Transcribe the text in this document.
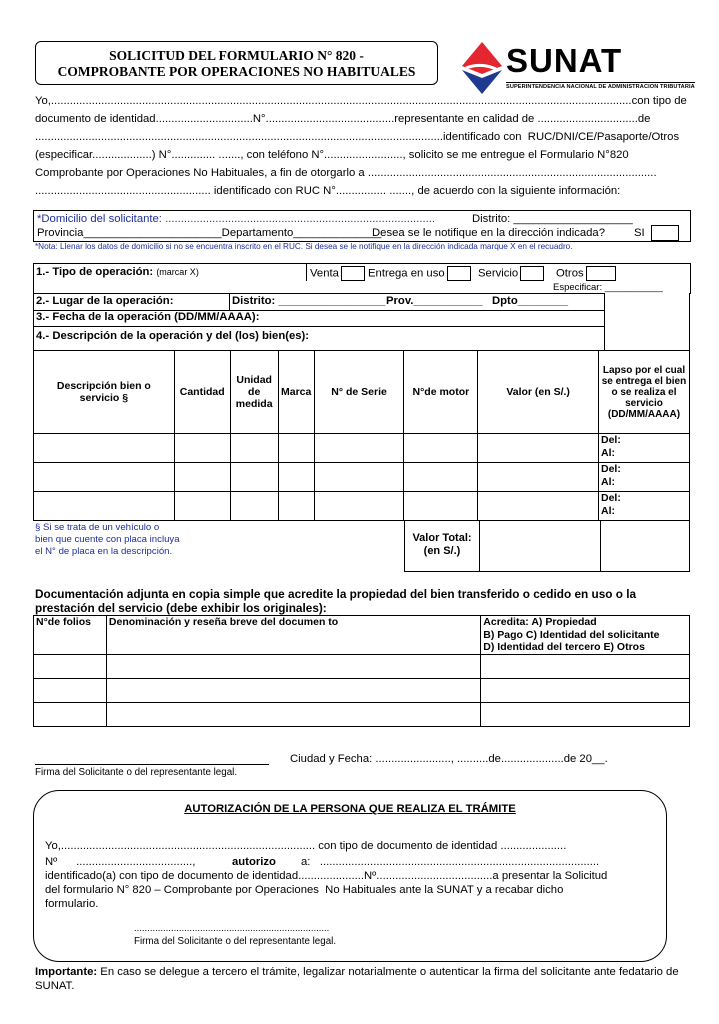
SOLICITUD DEL FORMULARIO N° 820 -
COMPROBANTE POR OPERACIONES NO HABITUALES	SUNAT
SUPERINTENDENCIA NACIONAL DE ADMINISTRACION TRIBUTARIA
Yo,.........................................................................................................................................................................................con tipo de
documento de identidad...............................N°.........................................representante en calidad de ................................de
..................................................................................................................................identificado con  RUC/DNI/CE/Pasaporte/Otros
(especificar...................) N°.............. ......., con teléfono N°........................., solicito se me entregue el Formulario N°820
Comprobante por Operaciones No Habituales, a fin de otorgarlo a ............................................................................................
........................................................ identificado con RUC N°................ ......., de acuerdo con la siguiente información:
*Domicilio del solicitante: ......................................................................................	Distrito: ___________________
Provincia______________________Departamento______________
Desea se le notifique en la dirección indicada?	SI
*Nota: Llenar los datos de domicilio si no se encuentra inscrito en el RUC. Si desea se le notifique en la dirección indicada marque X en el recuadro.
1.- Tipo de operación: (marcar X)	Venta	Entrega en uso	Servicio	Otros
Especificar: ___________
2.- Lugar de la operación:	Distrito: _________________ Prov.___________ Dpto________
3.- Fecha de la operación (DD/MM/AAAA):
4.- Descripción de la operación y del (los) bien(es):
Descripción bien o servicio §	Cantidad	Unidad de medida	Marca	N° de Serie	N°de motor	Valor (en S/.)	Lapso por el cual se entrega el bien o se realiza el servicio (DD/MM/AAAA)

							Del:
Al:

							Del:
Al:

							Del:
Al:
§ Si se trata de un vehículo o bien que cuente con placa incluya el N° de placa en la descripción.
Valor Total: (en S/.)
Documentación adjunta en copia simple que acredite la propiedad del bien transferido o cedido en uso o la prestación del servicio (debe exhibir los originales):
N°de folios	Denominación y reseña breve del documen to	Acredita: A) Propiedad
B) Pago C) Identidad del solicitante
D) Identidad del tercero E) Otros

Firma del Solicitante o del representante legal.
Ciudad y Fecha: ........................, ..........de....................de 20__.
AUTORIZACIÓN DE LA PERSONA QUE REALIZA EL TRÁMITE
Yo,................................................................................. con tipo de documento de identidad .....................
Nº      .....................................,	autorizo a:   .........................................................................................
identificado(a) con tipo de documento de identidad.....................Nº.....................................a presentar la Solicitud
del formulario N° 820 – Comprobante por Operaciones  No Habituales ante la SUNAT y a recabar dicho
formulario.
..........................................................................
Firma del Solicitante o del representante legal.
Importante: En caso se delegue a tercero el trámite, legalizar notarialmente o autenticar la firma del solicitante ante fedatario de SUNAT.
